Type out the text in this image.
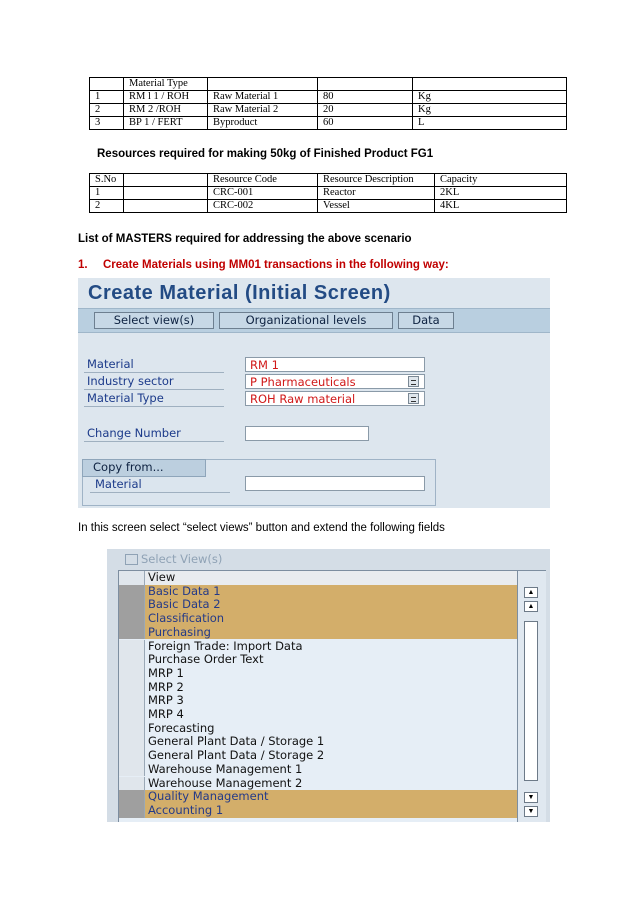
	Material Type			
1	RM l 1 / ROH	Raw Material 1	80	Kg
2	RM 2 /ROH	Raw Material 2	20	Kg
3	BP 1 / FERT	Byproduct	60	L
Resources required for making 50kg of Finished Product FG1
S.No		Resource Code	Resource Description	Capacity
1		CRC-001	Reactor	2KL
2		CRC-002	Vessel	4KL
List of MASTERS required for addressing the above scenario
1. Create Materials using MM01 transactions in the following way:
Create Material (Initial Screen)
Select view(s)	Organizational levels	Data
Material	RM 1
Industry sector	P Pharmaceuticals
Material Type	ROH Raw material
Change Number
Copy from...
Material
In this screen select “select views” button and extend the following fields
Select View(s)
View
Basic Data 1
Basic Data 2
Classification
Purchasing
Foreign Trade: Import Data
Purchase Order Text
MRP 1
MRP 2
MRP 3
MRP 4
Forecasting
General Plant Data / Storage 1
General Plant Data / Storage 2
Warehouse Management 1
Warehouse Management 2
Quality Management
Accounting 1
▲
▲
▼
▼
